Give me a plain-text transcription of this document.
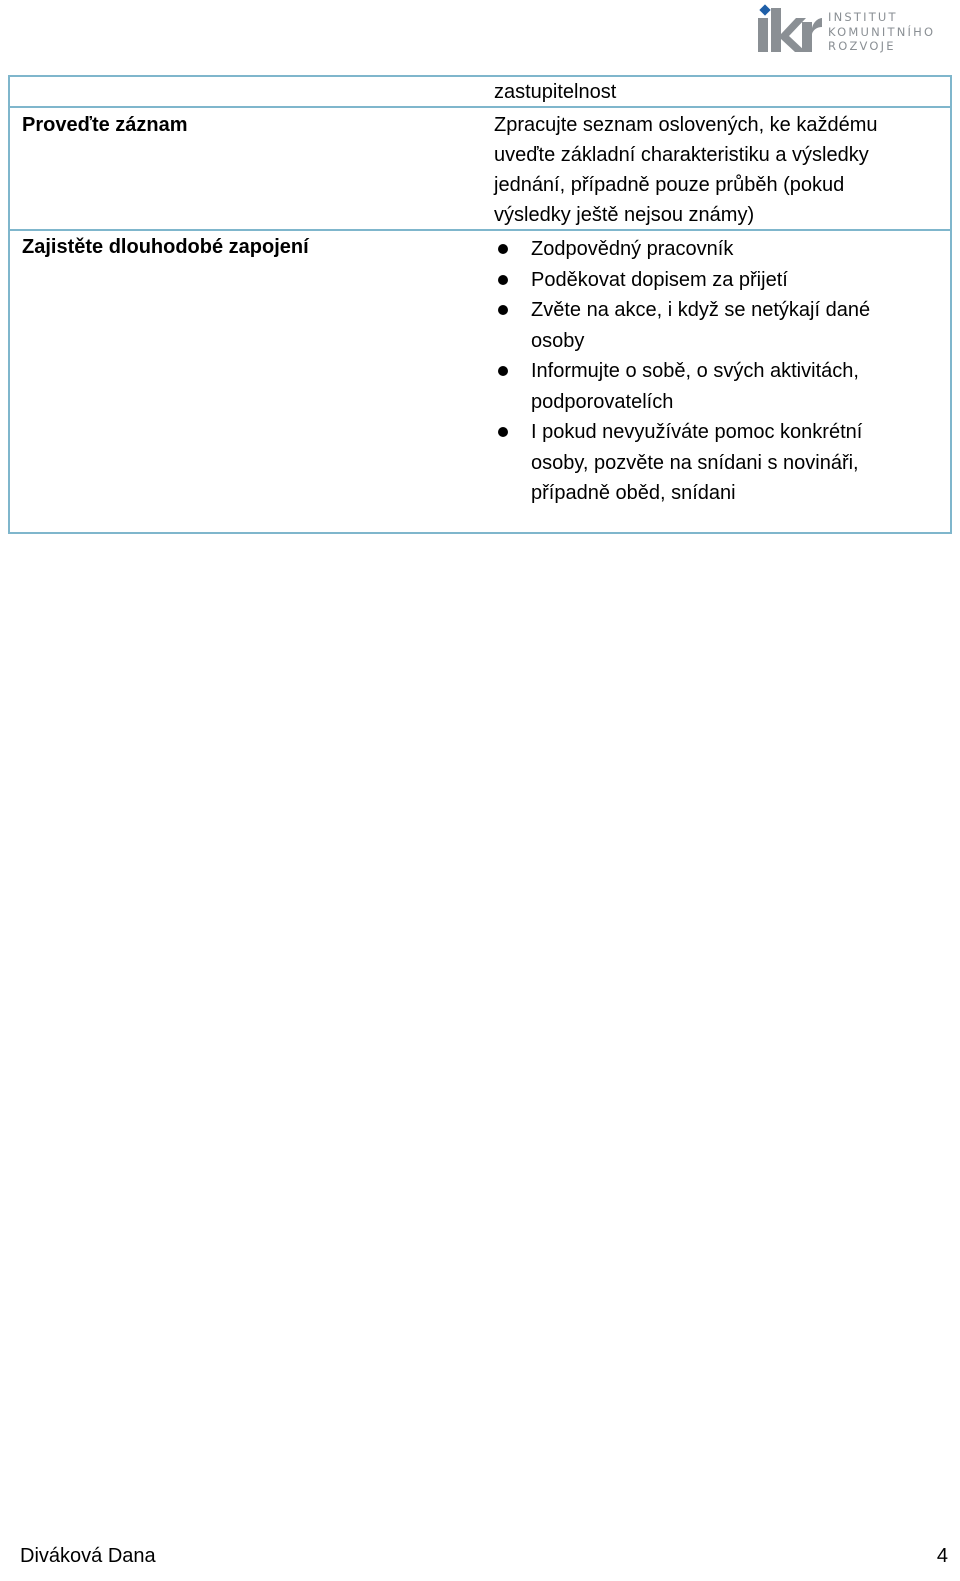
INSTITUT
KOMUNITNÍHO
ROZVOJE
zastupitelnost
Proveďte záznam	Zpracujte seznam oslovených, ke každému
uveďte základní charakteristiku a výsledky
jednání, případně pouze průběh (pokud
výsledky ještě nejsou známy)
Zajistěte dlouhodobé zapojení	Zodpovědný pracovník
Poděkovat dopisem za přijetí
Zvěte na akce, i když se netýkají dané
osoby
Informujte o sobě, o svých aktivitách,
podporovatelích
I pokud nevyužíváte pomoc konkrétní
osoby, pozvěte na snídani s novináři,
případně oběd, snídani
Diváková Dana	4
